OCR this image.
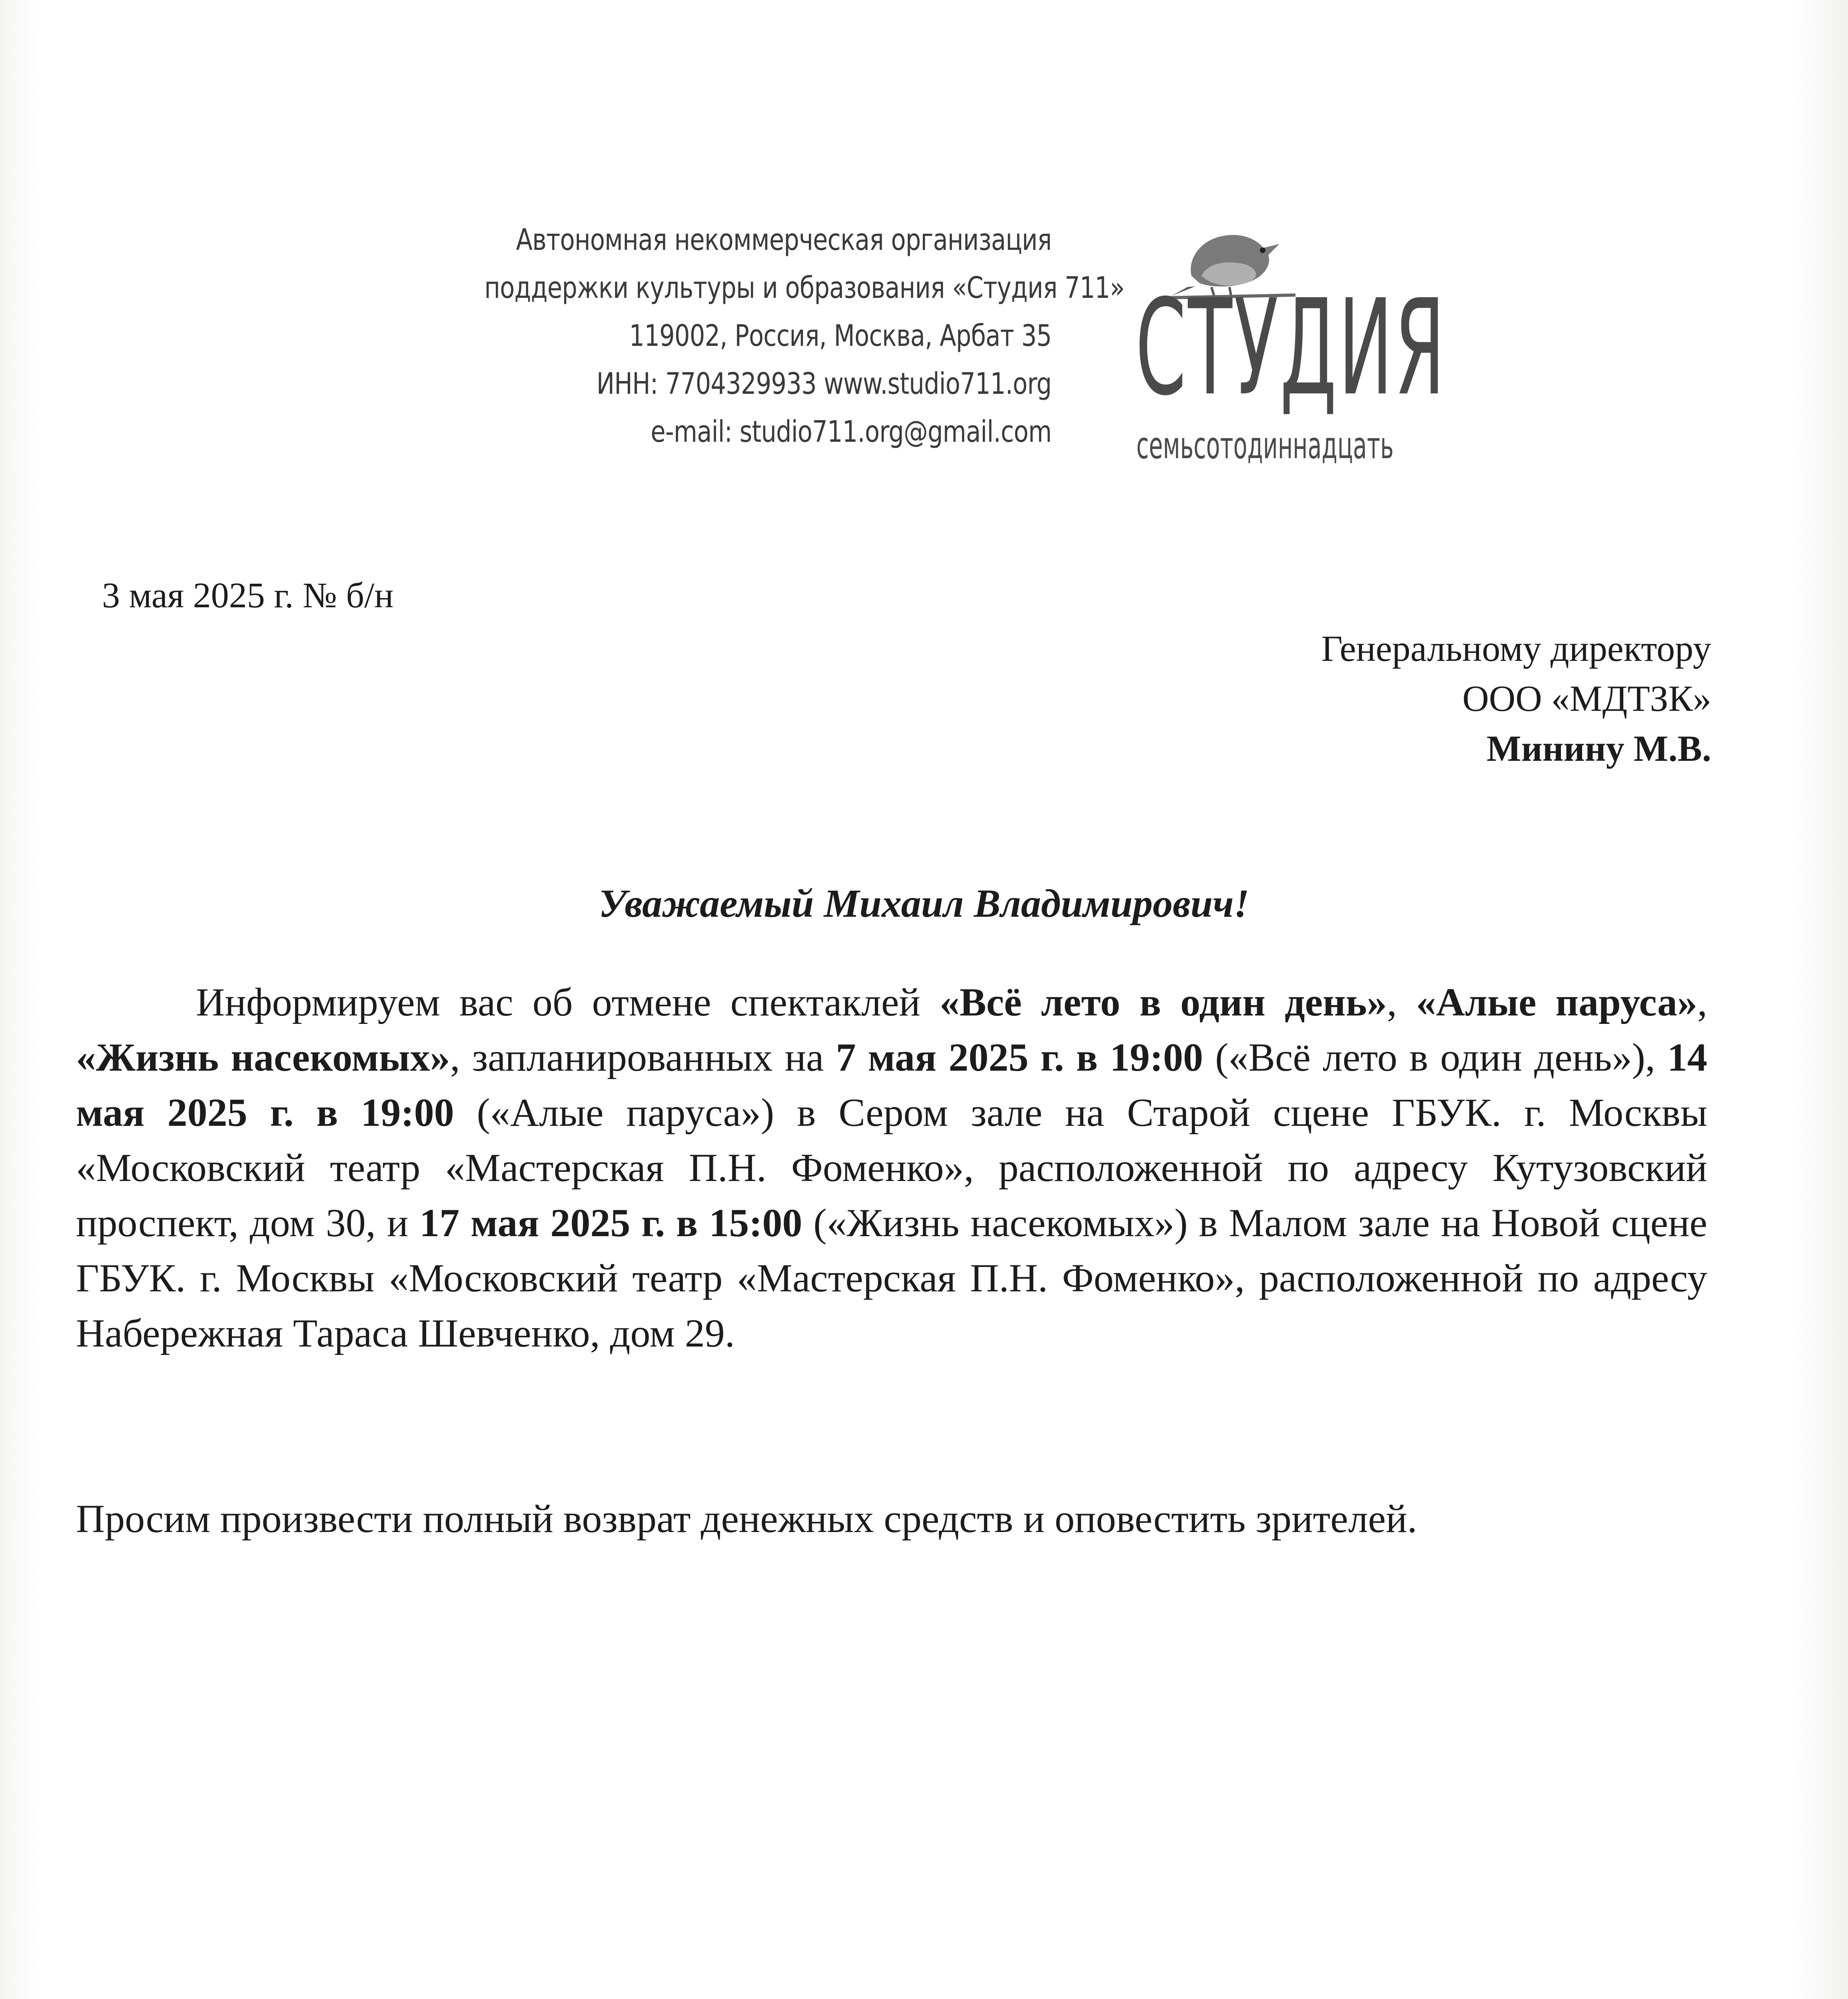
Автономная некоммерческая организация
поддержки культуры и образования «Студия 711»
119002, Россия, Москва, Арбат 35
ИНН: 7704329933 www.studio711.org
e-mail: studio711.org@gmail.com
СТУДИЯ
семьсотодиннадцать
3 мая 2025 г. № б/н
Генеральному директору
ООО «МДТЗК»
Минину М.В.
Уважаемый Михаил Владимирович!
Информируем вас об отмене спектаклей «Всё лето в один день», «Алые паруса», «Жизнь насекомых», запланированных на 7 мая 2025 г. в 19:00 («Всё лето в один день»), 14 мая 2025 г. в 19:00 («Алые паруса») в Сером зале на Старой сцене ГБУК. г. Москвы «Московский театр «Мастерская П.Н. Фоменко», расположенной по адресу Кутузовский проспект, дом 30, и 17 мая 2025 г. в 15:00 («Жизнь насекомых») в Малом зале на Новой сцене ГБУК. г. Москвы «Московский театр «Мастерская П.Н. Фоменко», расположенной по адресу Набережная Тараса Шевченко, дом 29.
Просим произвести полный возврат денежных средств и оповестить зрителей.
